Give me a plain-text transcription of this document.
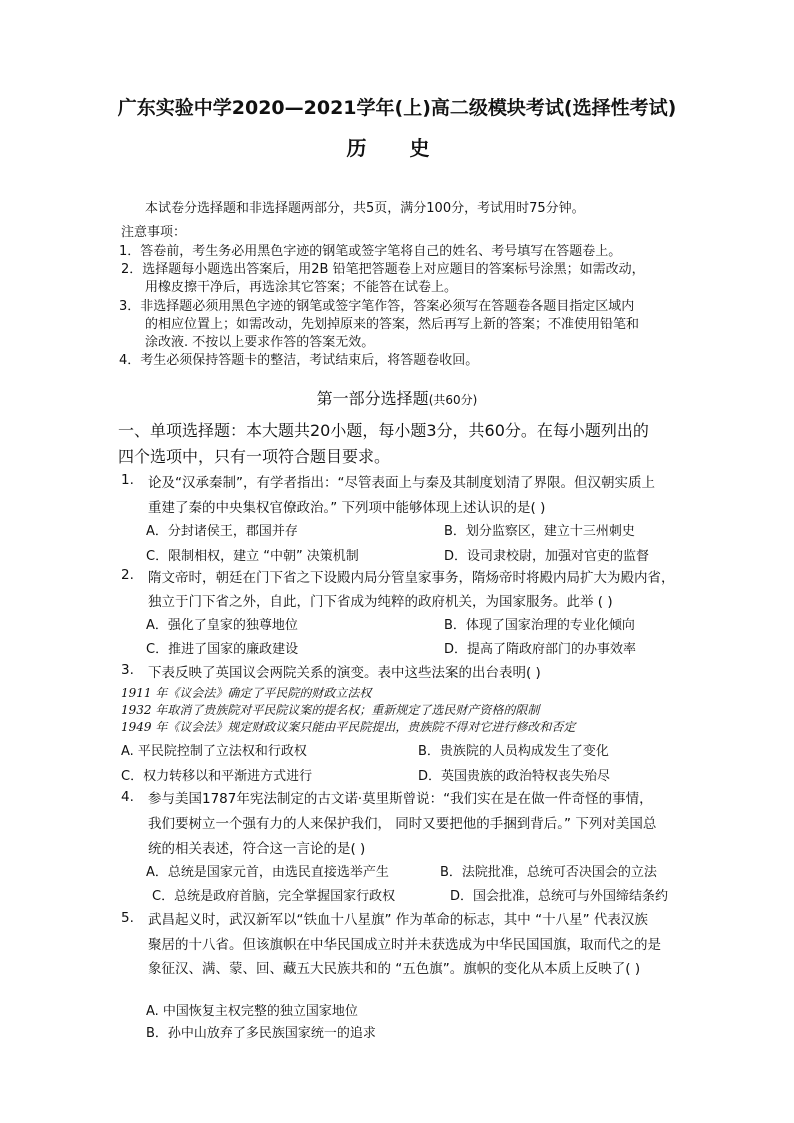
广东实验中学2020—2021学年(上)高二级模块考试(选择性考试)
历 史
本试卷分选择题和非选择题两部分，共5页，满分100分，考试用时75分钟。
注意事项：
1．答卷前，考生务必用黑色字迹的钢笔或签字笔将自己的姓名、考号填写在答题卷上。
2．选择题每小题选出答案后，用2B 铅笔把答题卷上对应题目的答案标号涂黑；如需改动，
用橡皮擦干净后，再选涂其它答案；不能答在试卷上。
3．非选择题必须用黑色字迹的钢笔或签字笔作答，答案必须写在答题卷各题目指定区域内
的相应位置上；如需改动，先划掉原来的答案，然后再写上新的答案；不准使用铅笔和
涂改液. 不按以上要求作答的答案无效。
4．考生必须保持答题卡的整洁，考试结束后，将答题卷收回。
第一部分选择题(共60分)
一、单项选择题：本大题共20小题，每小题3分，共60分。在每小题列出的
四个选项中，只有一项符合题目要求。
1. 论及“汉承秦制”，有学者指出：“尽管表面上与秦及其制度划清了界限。但汉朝实质上
重建了秦的中央集权官僚政治。” 下列项中能够体现上述认识的是( )
A．分封诸侯王，郡国并存	B．划分监察区，建立十三州刺史
C．限制相权，建立 “中朝” 决策机制	D．设司隶校尉，加强对官吏的监督
2. 隋文帝时，朝廷在门下省之下设殿内局分管皇家事务，隋炀帝时将殿内局扩大为殿内省，
独立于门下省之外，自此，门下省成为纯粹的政府机关，为国家服务。此举 ( )
A．强化了皇家的独尊地位	B．体现了国家治理的专业化倾向
C．推进了国家的廉政建设	D．提高了隋政府部门的办事效率
3. 下表反映了英国议会两院关系的演变。表中这些法案的出台表明( )
1911 年《议会法》确定了平民院的财政立法权
1932 年取消了贵族院对平民院议案的提名权；重新规定了选民财产资格的限制
1949 年《议会法》规定财政议案只能由平民院提出，贵族院不得对它进行修改和否定
A. 平民院控制了立法权和行政权	B．贵族院的人员构成发生了变化
C．权力转移以和平渐进方式进行	D．英国贵族的政治特权丧失殆尽
4. 参与美国1787年宪法制定的古文诺·莫里斯曾说：“我们实在是在做一件奇怪的事情，
我们要树立一个强有力的人来保护我们， 同时又要把他的手捆到背后。” 下列对美国总
统的相关表述，符合这一言论的是( )
A．总统是国家元首，由选民直接选举产生	B．法院批准，总统可否决国会的立法
C．总统是政府首脑，完全掌握国家行政权	D．国会批准，总统可与外国缔结条约
5. 武昌起义时，武汉新军以“铁血十八星旗” 作为革命的标志，其中 “十八星” 代表汉族
聚居的十八省。但该旗帜在中华民国成立时并未获选成为中华民国国旗，取而代之的是
象征汉、满、蒙、回、藏五大民族共和的 “五色旗”。旗帜的变化从本质上反映了( )
A. 中国恢复主权完整的独立国家地位
B．孙中山放弃了多民族国家统一的追求
